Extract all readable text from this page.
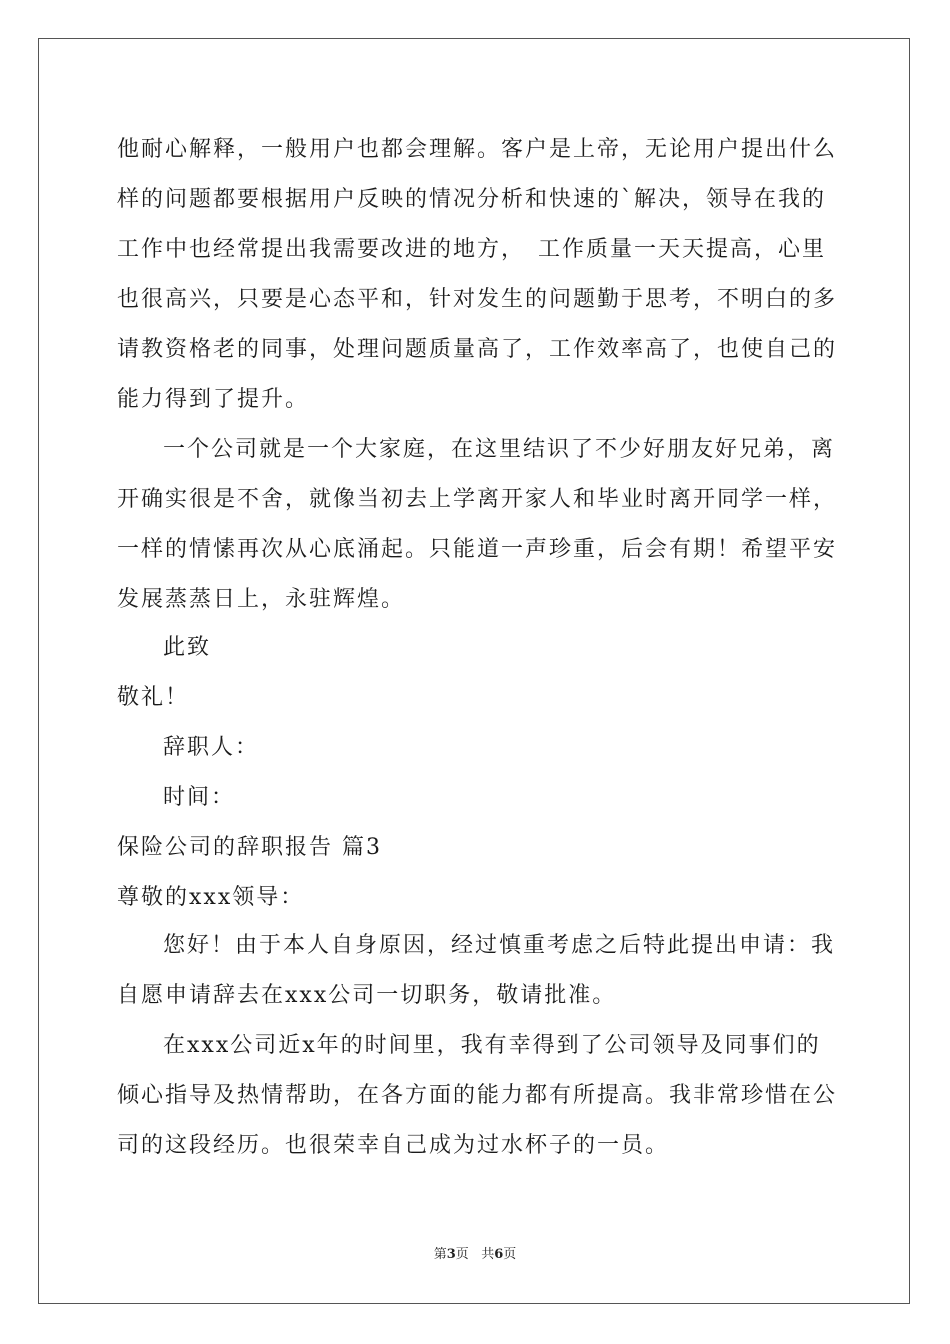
他耐心解释，一般用户也都会理解。客户是上帝，无论用户提出什么
样的问题都要根据用户反映的情况分析和快速的`解决，领导在我的
工作中也经常提出我需要改进的地方，　工作质量一天天提高，心里
也很高兴，只要是心态平和，针对发生的问题勤于思考，不明白的多
请教资格老的同事，处理问题质量高了，工作效率高了，也使自己的
能力得到了提升。
一个公司就是一个大家庭，在这里结识了不少好朋友好兄弟，离
开确实很是不舍，就像当初去上学离开家人和毕业时离开同学一样，
一样的情愫再次从心底涌起。只能道一声珍重，后会有期！希望平安
发展蒸蒸日上，永驻辉煌。
此致
敬礼！
辞职人：
时间：
保险公司的辞职报告 篇3
尊敬的xxx领导：
您好！由于本人自身原因，经过慎重考虑之后特此提出申请：我
自愿申请辞去在xxx公司一切职务，敬请批准。
在xxx公司近x年的时间里，我有幸得到了公司领导及同事们的
倾心指导及热情帮助，在各方面的能力都有所提高。我非常珍惜在公
司的这段经历。也很荣幸自己成为过水杯子的一员。
第3页 共6页
